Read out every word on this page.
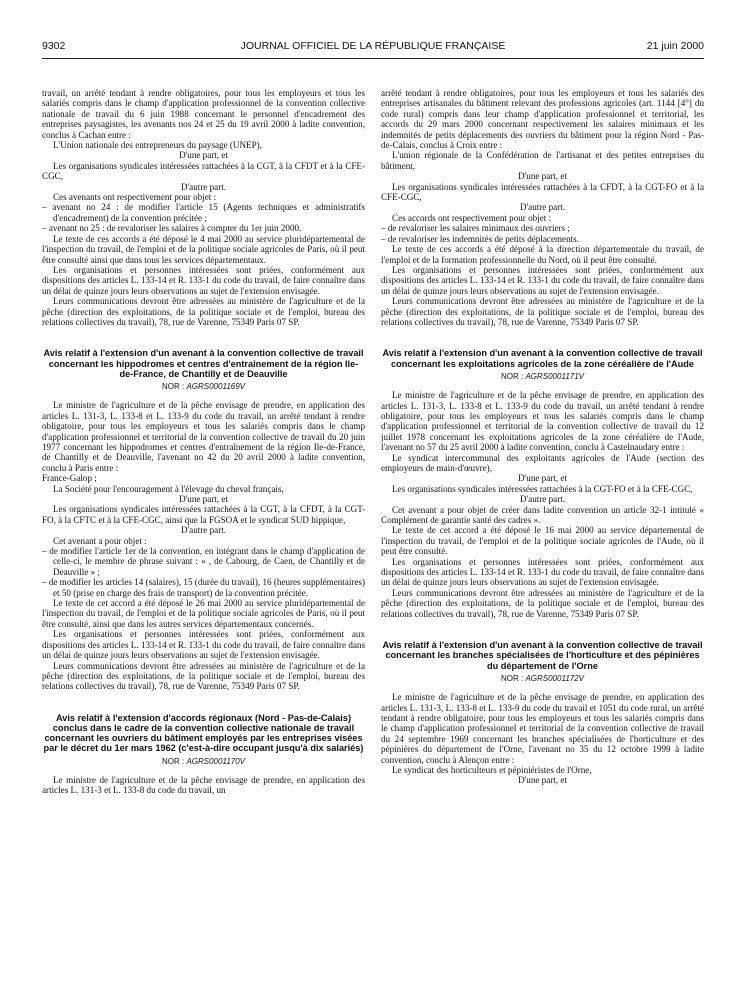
9302	JOURNAL OFFICIEL DE LA RÉPUBLIQUE FRANÇAISE	21 juin 2000

travail, un arrêté tendant à rendre obligatoires, pour tous les employeurs et tous les salariés compris dans le champ d'application professionnel de la convention collective nationale de travail du 6 juin 1988 concernant le personnel d'encadrement des entreprises paysagistes, les avenants nos 24 et 25 du 19 avril 2000 à ladite convention, conclus à Cachan entre :

L'Union nationale des entrepreneurs du paysage (UNEP),

D'une part, et

Les organisations syndicales intéressées rattachées à la CGT, à la CFDT et à la CFE-CGC,

D'autre part.

Ces avenants ont respectivement pour objet :

– avenant no 24 : de modifier l'article 15 (Agents techniques et administratifs d'encadrement) de la convention précitée ;

– avenant no 25 : de revaloriser les salaires à compter du 1er juin 2000.

Le texte de ces accords a été déposé le 4 mai 2000 au service pluridépartemental de l'inspection du travail, de l'emploi et de la politique sociale agricoles de Paris, où il peut être consulté ainsi que dans tous les services départementaux.

Les organisations et personnes intéressées sont priées, conformément aux dispositions des articles L. 133-14 et R. 133-1 du code du travail, de faire connaître dans un délai de quinze jours leurs observations au sujet de l'extension envisagée.

Leurs communications devront être adressées au ministère de l'agriculture et de la pêche (direction des exploitations, de la politique sociale et de l'emploi, bureau des relations collectives du travail), 78, rue de Varenne, 75349 Paris 07 SP.

Avis relatif à l'extension d'un avenant à la convention collective de travail concernant les hippodromes et centres d'entraînement de la région Ile-de-France, de Chantilly et de Deauville

NOR : AGRS0001169V

Le ministre de l'agriculture et de la pêche envisage de prendre, en application des articles L. 131-3, L. 133-8 et L. 133-9 du code du travail, un arrêté tendant à rendre obligatoire, pour tous les employeurs et tous les salariés compris dans le champ d'application professionnel et territorial de la convention collective de travail du 20 juin 1977 concernant les hippodromes et centres d'entraînement de la région Ile-de-France, de Chantilly et de Deauville, l'avenant no 42 du 20 avril 2000 à ladite convention, conclu à Paris entre :

France-Galop ;

La Société pour l'encouragement à l'élevage du cheval français,

D'une part, et

Les organisations syndicales intéressées rattachées à la CGT, à la CFDT, à la CGT-FO, à la CFTC et à la CFE-CGC, ainsi que la FGSOA et le syndicat SUD hippique,

D'autre part.

Cet avenant a pour objet :

– de modifier l'article 1er de la convention, en intégrant dans le champ d'application de celle-ci, le membre de phrase suivant : « , de Cabourg, de Caen, de Chantilly et de Deauville » ;

– de modifier les articles 14 (salaires), 15 (durée du travail), 16 (heures supplémentaires) et 50 (prise en charge des frais de transport) de la convention précitée.

Le texte de cet accord a été déposé le 26 mai 2000 au service pluridépartemental de l'inspection du travail, de l'emploi et de la politique sociale agricoles de Paris, où il peut être consulté, ainsi que dans les autres services départementaux concernés.

Les organisations et personnes intéressées sont priées, conformément aux dispositions des articles L. 133-14 et R. 133-1 du code du travail, de faire connaître dans un délai de quinze jours leurs observations au sujet de l'extension envisagée.

Leurs communications devront être adressées au ministère de l'agriculture et de la pêche (direction des exploitations, de la politique sociale et de l'emploi, bureau des relations collectives du travail), 78, rue de Varenne, 75349 Paris 07 SP.

Avis relatif à l'extension d'accords régionaux (Nord - Pas-de-Calais) conclus dans le cadre de la convention collective nationale de travail concernant les ouvriers du bâtiment employés par les entreprises visées par le décret du 1er mars 1962 (c'est-à-dire occupant jusqu'à dix salariés)

NOR : AGRS0001170V

Le ministre de l'agriculture et de la pêche envisage de prendre, en application des articles L. 131-3 et L. 133-8 du code du travail, un

arrêté tendant à rendre obligatoires, pour tous les employeurs et tous les salariés des entreprises artisanales du bâtiment relevant des professions agricoles (art. 1144 [4°] du code rural) compris dans leur champ d'application professionnel et territorial, les accords du 29 mars 2000 concernant respectivement les salaires minimaux et les indemnités de petits déplacements des ouvriers du bâtiment pour la région Nord - Pas-de-Calais, conclus à Croix entre :

L'union régionale de la Confédération de l'artisanat et des petites entreprises du bâtiment,

D'une part, et

Les organisations syndicales intéressées rattachées à la CFDT, à la CGT-FO et à la CFE-CGC,

D'autre part.

Ces accords ont respectivement pour objet :

– de revaloriser les salaires minimaux des ouvriers ;

– de revaloriser les indemnités de petits déplacements.

Le texte de ces accords a été déposé à la direction départementale du travail, de l'emploi et de la formation professionnelle du Nord, où il peut être consulté.

Les organisations et personnes intéressées sont priées, conformément aux dispositions des articles L. 133-14 et R. 133-1 du code du travail, de faire connaître dans un délai de quinze jours leurs observations au sujet de l'extension envisagée.

Leurs communications devront être adressées au ministère de l'agriculture et de la pêche (direction des exploitations, de la politique sociale et de l'emploi, bureau des relations collectives du travail), 78, rue de Varenne, 75349 Paris 07 SP.

Avis relatif à l'extension d'un avenant à la convention collective de travail concernant les exploitations agricoles de la zone céréalière de l'Aude

NOR : AGRS0001171V

Le ministre de l'agriculture et de la pêche envisage de prendre, en application des articles L. 131-3, L. 133-8 et L. 133-9 du code du travail, un arrêté tendant à rendre obligatoire, pour tous les employeurs et tous les salariés compris dans le champ d'application professionnel et territorial de la convention collective de travail du 12 juillet 1978 concernant les exploitations agricoles de la zone céréalière de l'Aude, l'avenant no 57 du 25 avril 2000 à ladite convention, conclu à Castelnaudary entre :

Le syndicat intercommunal des exploitants agricoles de l'Aude (section des employeurs de main-d'œuvre),

D'une part, et

Les organisations syndicales intéressées rattachées à la CGT-FO et à la CFE-CGC,

D'autre part.

Cet avenant a pour objet de créer dans ladite convention un article 32-1 intitulé « Complément de garantie santé des cadres ».

Le texte de cet accord a été déposé le 16 mai 2000 au service départemental de l'inspection du travail, de l'emploi et de la politique sociale agricoles de l'Aude, où il peut être consulté.

Les organisations et personnes intéressées sont priées, conformément aux dispositions des articles L. 133-14 et R. 133-1 du code du travail, de faire connaître dans un délai de quinze jours leurs observations au sujet de l'extension envisagée.

Leurs communications devront être adressées au ministère de l'agriculture et de la pêche (direction des exploitations, de la politique sociale et de l'emploi, bureau des relations collectives du travail), 78, rue de Varenne, 75349 Paris 07 SP.

Avis relatif à l'extension d'un avenant à la convention collective de travail concernant les branches spécialisées de l'horticulture et des pépinières du département de l'Orne

NOR : AGRS0001172V

Le ministre de l'agriculture et de la pêche envisage de prendre, en application des articles L. 131-3, L. 133-8 et L. 133-9 du code du travail et 1051 du code rural, un arrêté tendant à rendre obligatoire, pour tous les employeurs et tous les salariés compris dans le champ d'application professionnel et territorial de la convention collective de travail du 24 septembre 1969 concernant les branches spécialisées de l'horticulture et des pépinières du département de l'Orne, l'avenant no 35 du 12 octobre 1999 à ladite convention, conclu à Alençon entre :

Le syndicat des horticulteurs et pépiniéristes de l'Orne,

D'une part, et
